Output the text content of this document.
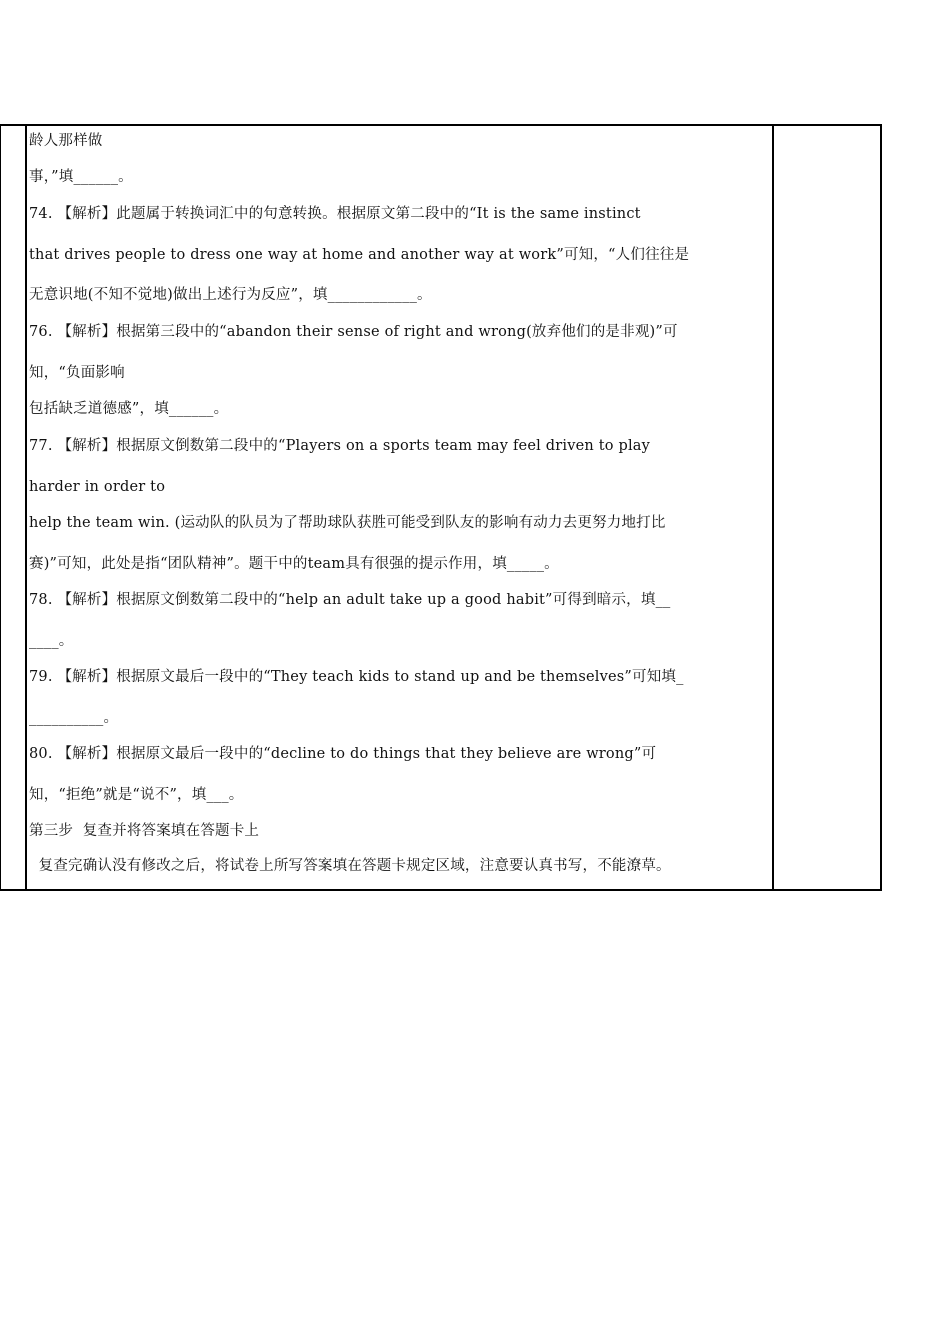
龄人那样做
事，”填______。
74. 【解析】此题属于转换词汇中的句意转换。根据原文第二段中的“It is the same instinct
that drives people to dress one way at home and another way at work”可知，“人们往往是
无意识地(不知不觉地)做出上述行为反应”，填____________。
76. 【解析】根据第三段中的“abandon their sense of right and wrong(放弃他们的是非观)”可
知，“负面影响
包括缺乏道德感”，填______。
77. 【解析】根据原文倒数第二段中的“Players on a sports team may feel driven to play
harder in order to
help the team win. (运动队的队员为了帮助球队获胜可能受到队友的影响有动力去更努力地打比
赛)”可知，此处是指“团队精神”。题干中的team具有很强的提示作用，填_____。
78. 【解析】根据原文倒数第二段中的“help an adult take up a good habit”可得到暗示，填__
____。
79. 【解析】根据原文最后一段中的“They teach kids to stand up and be themselves”可知填_
__________。
80. 【解析】根据原文最后一段中的“decline to do things that they believe are wrong”可
知，“拒绝”就是“说不”，填___。
第三步  复查并将答案填在答题卡上
复查完确认没有修改之后，将试卷上所写答案填在答题卡规定区域，注意要认真书写，不能潦草。
